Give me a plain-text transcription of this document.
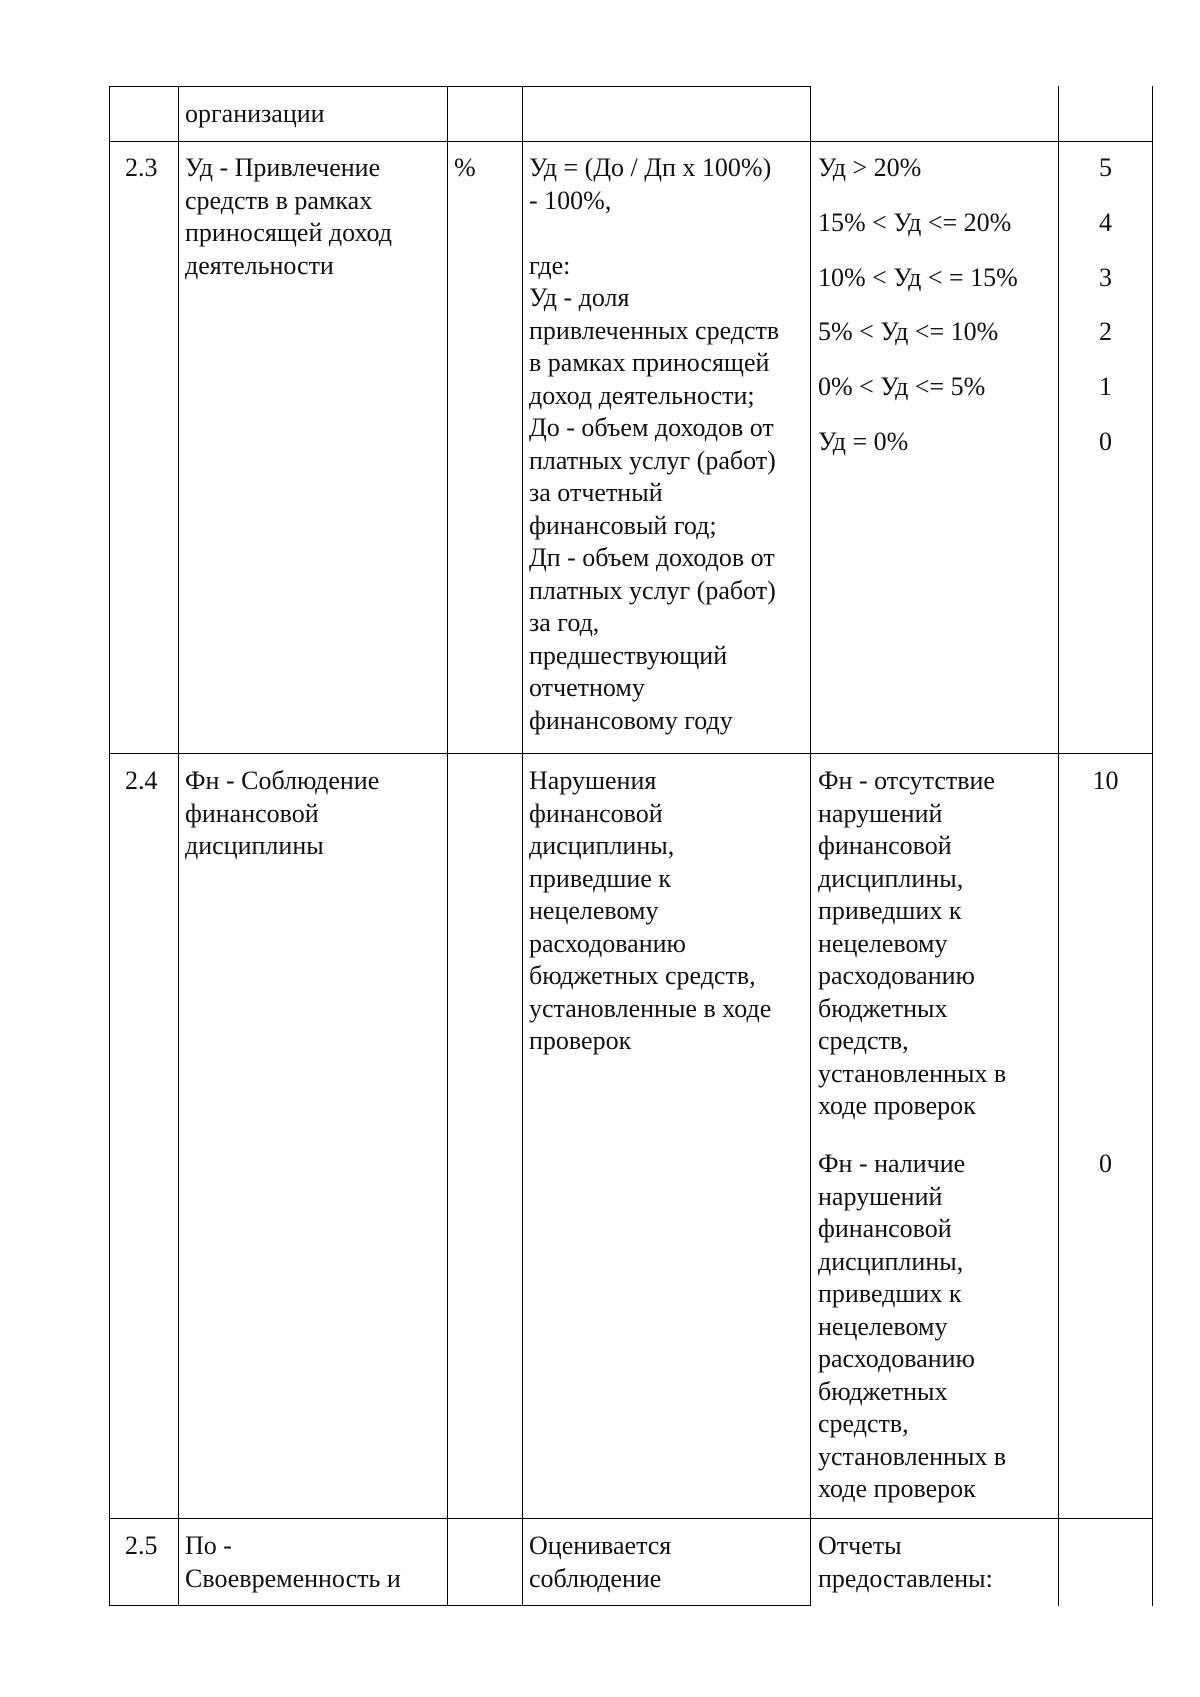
организации
2.3 Уд - Привлечение
средств в рамках
приносящей доход
деятельности
% Уд = (До / Дп x 100%)
- 100%,

где:
Уд - доля
привлеченных средств
в рамках приносящей
доход деятельности;
До - объем доходов от
платных услуг (работ)
за отчетный
финансовый год;
Дп - объем доходов от
платных услуг (работ)
за год,
предшествующий
отчетному
финансовому году
Уд > 20%
15% < Уд <= 20%
10% < Уд < = 15%
5% < Уд <= 10%
0% < Уд <= 5%
Уд = 0%
5
4
3
2
1
0
2.4 Фн - Соблюдение
финансовой
дисциплины
Нарушения
финансовой
дисциплины,
приведшие к
нецелевому
расходованию
бюджетных средств,
установленные в ходе
проверок
Фн - отсутствие
нарушений
финансовой
дисциплины,
приведших к
нецелевому
расходованию
бюджетных
средств,
установленных в
ходе проверок
Фн - наличие
нарушений
финансовой
дисциплины,
приведших к
нецелевому
расходованию
бюджетных
средств,
установленных в
ходе проверок
10
0
2.5 По -
Своевременность и
Оценивается
соблюдение
Отчеты
предоставлены:
